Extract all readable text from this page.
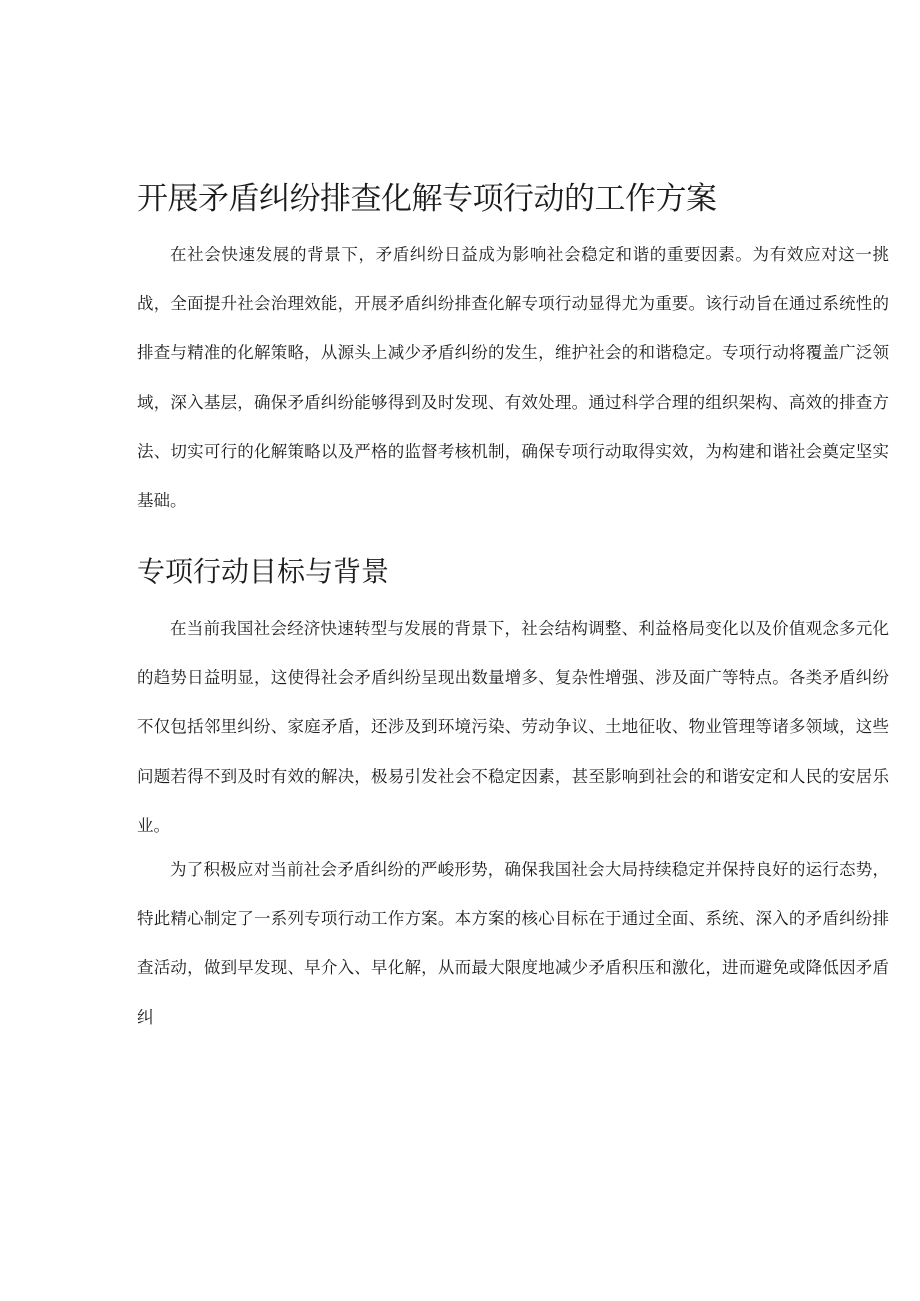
开展矛盾纠纷排查化解专项行动的工作方案

在社会快速发展的背景下，矛盾纠纷日益成为影响社会稳定和谐的重要因素。为有效应对这一挑战，全面提升社会治理效能，开展矛盾纠纷排查化解专项行动显得尤为重要。该行动旨在通过系统性的排查与精准的化解策略，从源头上减少矛盾纠纷的发生，维护社会的和谐稳定。专项行动将覆盖广泛领域，深入基层，确保矛盾纠纷能够得到及时发现、有效处理。通过科学合理的组织架构、高效的排查方法、切实可行的化解策略以及严格的监督考核机制，确保专项行动取得实效，为构建和谐社会奠定坚实基础。

专项行动目标与背景

在当前我国社会经济快速转型与发展的背景下，社会结构调整、利益格局变化以及价值观念多元化的趋势日益明显，这使得社会矛盾纠纷呈现出数量增多、复杂性增强、涉及面广等特点。各类矛盾纠纷不仅包括邻里纠纷、家庭矛盾，还涉及到环境污染、劳动争议、土地征收、物业管理等诸多领域，这些问题若得不到及时有效的解决，极易引发社会不稳定因素，甚至影响到社会的和谐安定和人民的安居乐业。

为了积极应对当前社会矛盾纠纷的严峻形势，确保我国社会大局持续稳定并保持良好的运行态势，特此精心制定了一系列专项行动工作方案。本方案的核心目标在于通过全面、系统、深入的矛盾纠纷排查活动，做到早发现、早介入、早化解，从而最大限度地减少矛盾积压和激化，进而避免或降低因矛盾纠
